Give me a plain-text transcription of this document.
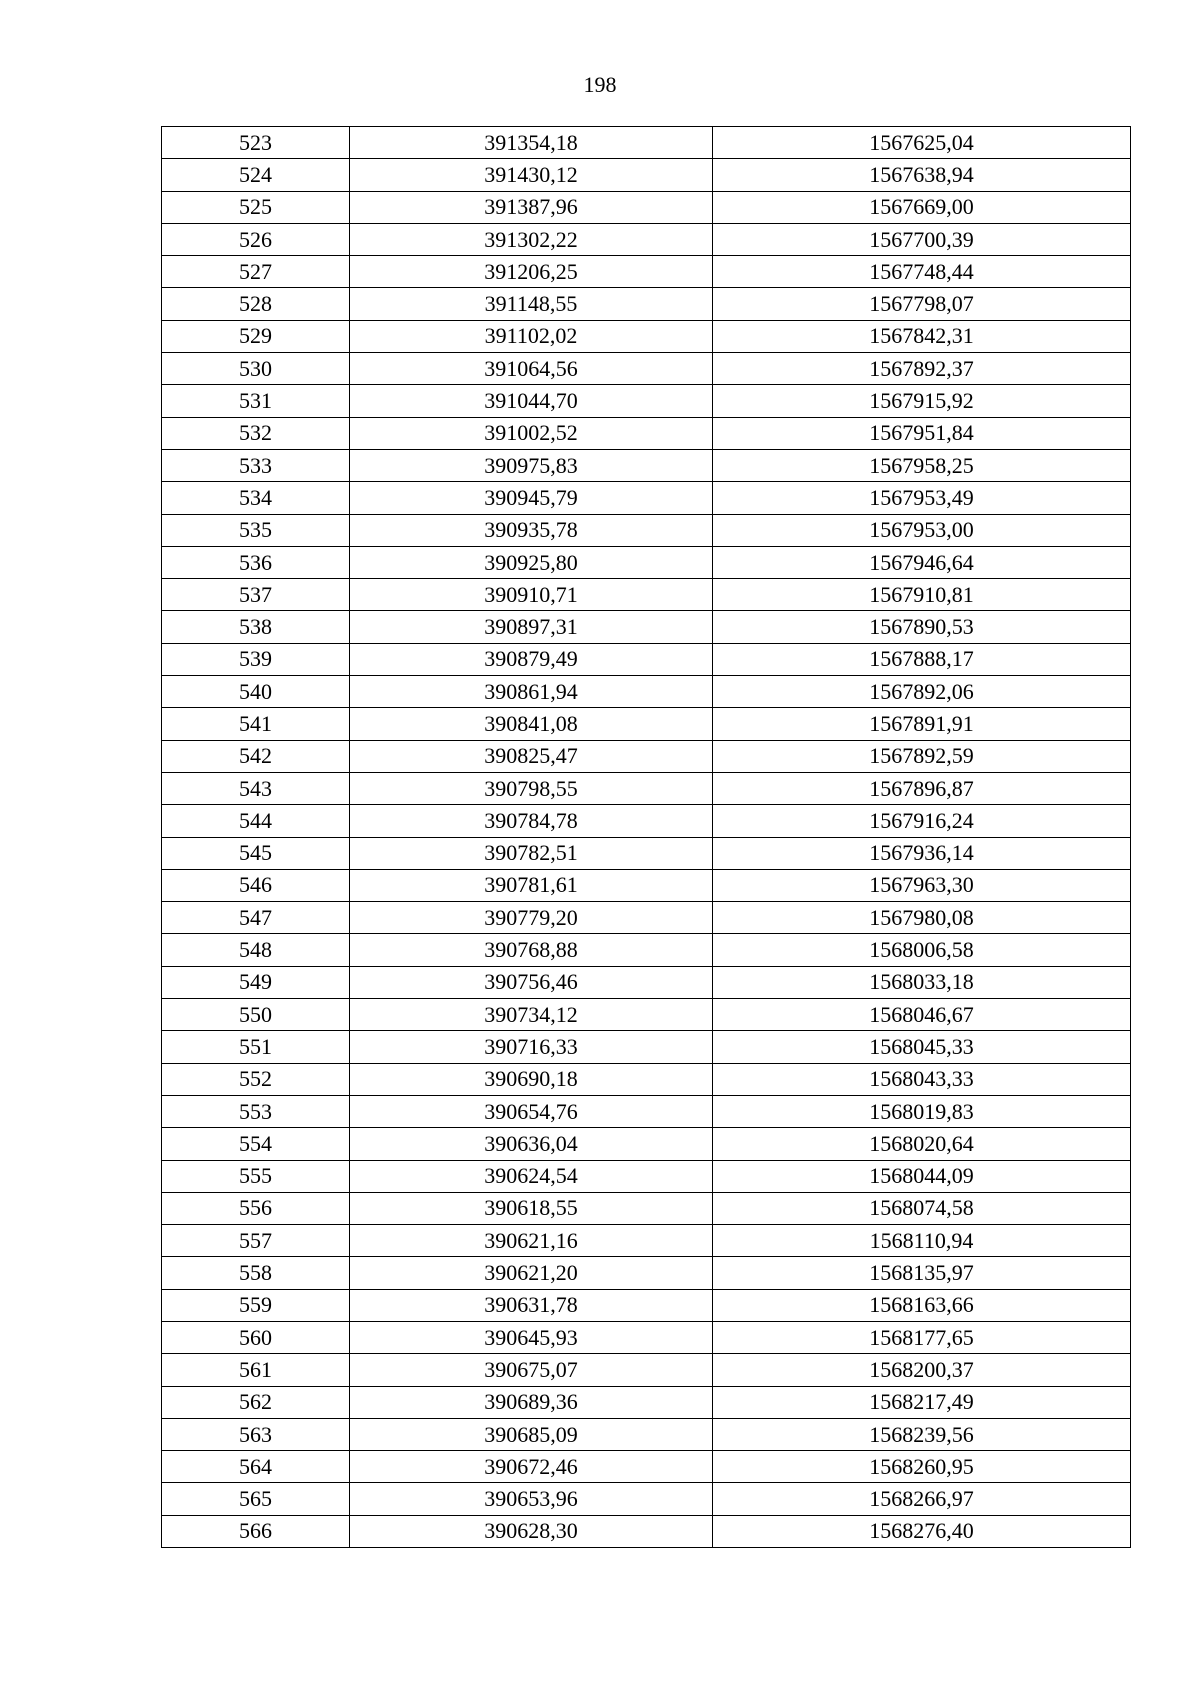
198
523	391354,18	1567625,04
524	391430,12	1567638,94
525	391387,96	1567669,00
526	391302,22	1567700,39
527	391206,25	1567748,44
528	391148,55	1567798,07
529	391102,02	1567842,31
530	391064,56	1567892,37
531	391044,70	1567915,92
532	391002,52	1567951,84
533	390975,83	1567958,25
534	390945,79	1567953,49
535	390935,78	1567953,00
536	390925,80	1567946,64
537	390910,71	1567910,81
538	390897,31	1567890,53
539	390879,49	1567888,17
540	390861,94	1567892,06
541	390841,08	1567891,91
542	390825,47	1567892,59
543	390798,55	1567896,87
544	390784,78	1567916,24
545	390782,51	1567936,14
546	390781,61	1567963,30
547	390779,20	1567980,08
548	390768,88	1568006,58
549	390756,46	1568033,18
550	390734,12	1568046,67
551	390716,33	1568045,33
552	390690,18	1568043,33
553	390654,76	1568019,83
554	390636,04	1568020,64
555	390624,54	1568044,09
556	390618,55	1568074,58
557	390621,16	1568110,94
558	390621,20	1568135,97
559	390631,78	1568163,66
560	390645,93	1568177,65
561	390675,07	1568200,37
562	390689,36	1568217,49
563	390685,09	1568239,56
564	390672,46	1568260,95
565	390653,96	1568266,97
566	390628,30	1568276,40
